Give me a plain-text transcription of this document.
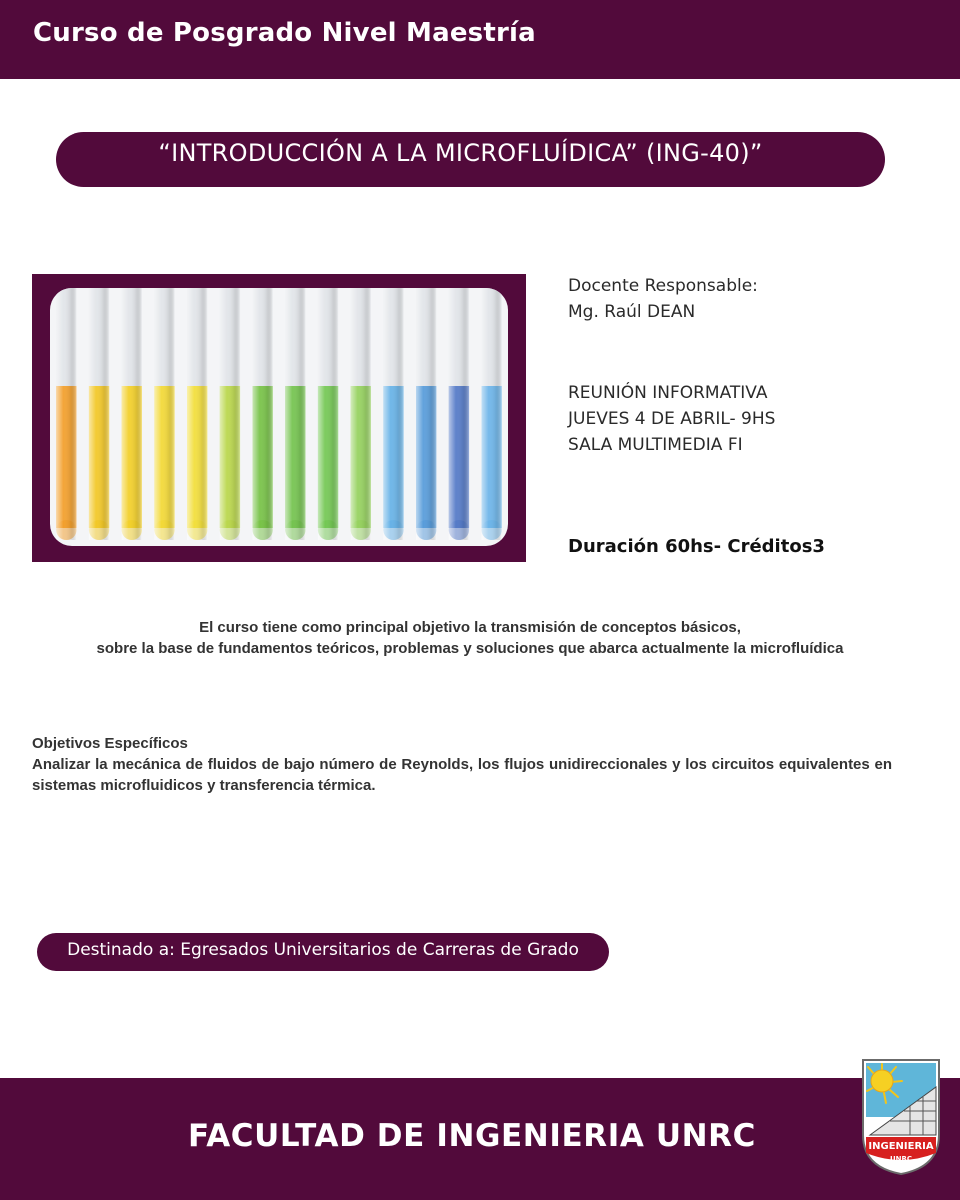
Curso de Posgrado Nivel Maestría
“INTRODUCCIÓN A LA MICROFLUÍDICA” (ING-40)”
Docente Responsable:
Mg. Raúl DEAN
REUNIÓN INFORMATIVA
JUEVES 4 DE ABRIL- 9HS
SALA MULTIMEDIA FI
Duración 60hs- Créditos3
El curso tiene como principal objetivo la transmisión de conceptos básicos,
sobre la base de fundamentos teóricos, problemas y soluciones que abarca actualmente la microfluídica
Objetivos Específicos
Analizar la mecánica de fluidos de bajo número de Reynolds, los flujos unidireccionales y los circuitos equivalentes en sistemas microfluidicos y transferencia térmica.
Destinado a: Egresados Universitarios de Carreras de Grado
FACULTAD DE INGENIERIA UNRC	INGENIERIA
UNRC
